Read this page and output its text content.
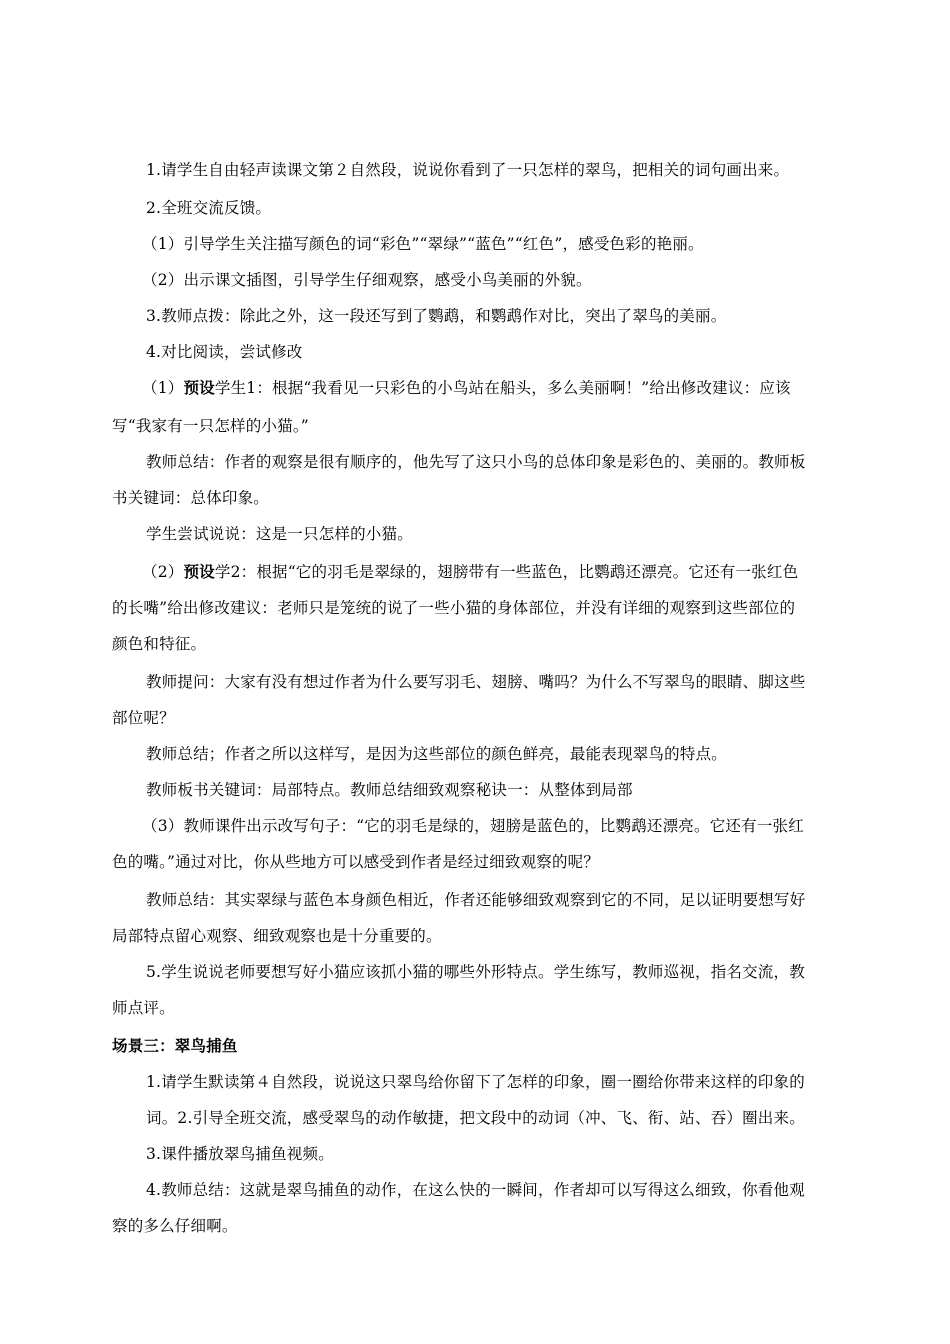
1.请学生自由轻声读课文第２自然段，说说你看到了一只怎样的翠鸟，把相关的词句画出来。

2.全班交流反馈。

（1）引导学生关注描写颜色的词“彩色”“翠绿”“蓝色”“红色”，感受色彩的艳丽。

（2）出示课文插图，引导学生仔细观察，感受小鸟美丽的外貌。

3.教师点拨：除此之外，这一段还写到了鹦鹉，和鹦鹉作对比，突出了翠鸟的美丽。

4.对比阅读，尝试修改

（1）预设学生1：根据“我看见一只彩色的小鸟站在船头，多么美丽啊！”给出修改建议：应该

写“我家有一只怎样的小猫。”

教师总结：作者的观察是很有顺序的，他先写了这只小鸟的总体印象是彩色的、美丽的。教师板

书关键词：总体印象。

学生尝试说说：这是一只怎样的小猫。

（2）预设学2：根据“它的羽毛是翠绿的，翅膀带有一些蓝色，比鹦鹉还漂亮。它还有一张红色

的长嘴”给出修改建议：老师只是笼统的说了一些小猫的身体部位，并没有详细的观察到这些部位的

颜色和特征。

教师提问：大家有没有想过作者为什么要写羽毛、翅膀、嘴吗？为什么不写翠鸟的眼睛、脚这些

部位呢？

教师总结；作者之所以这样写，是因为这些部位的颜色鲜亮，最能表现翠鸟的特点。

教师板书关键词：局部特点。教师总结细致观察秘诀一：从整体到局部

（3）教师课件出示改写句子：“它的羽毛是绿的，翅膀是蓝色的，比鹦鹉还漂亮。它还有一张红

色的嘴。”通过对比，你从些地方可以感受到作者是经过细致观察的呢？

教师总结：其实翠绿与蓝色本身颜色相近，作者还能够细致观察到它的不同，足以证明要想写好

局部特点留心观察、细致观察也是十分重要的。

5.学生说说老师要想写好小猫应该抓小猫的哪些外形特点。学生练写，教师巡视，指名交流，教

师点评。

场景三：翠鸟捕鱼

1.请学生默读第４自然段，说说这只翠鸟给你留下了怎样的印象，圈一圈给你带来这样的印象的

词。2.引导全班交流，感受翠鸟的动作敏捷，把文段中的动词（冲、飞、衔、站、吞）圈出来。

3.课件播放翠鸟捕鱼视频。

4.教师总结：这就是翠鸟捕鱼的动作，在这么快的一瞬间，作者却可以写得这么细致，你看他观

察的多么仔细啊。
